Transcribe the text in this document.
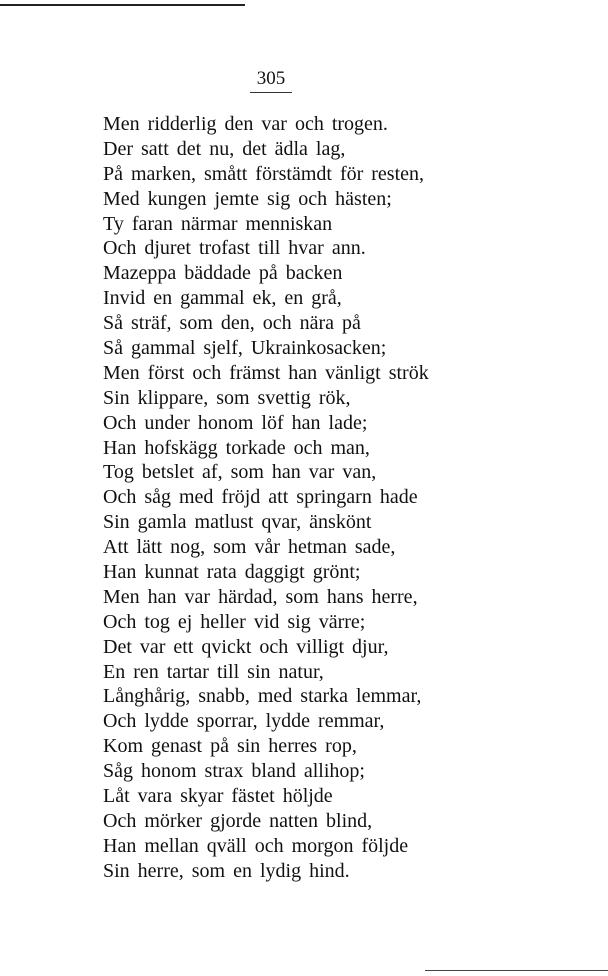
305
Men ridderlig den var och trogen.
Der satt det nu, det ädla lag,
På marken, smått förstämdt för resten,
Med kungen jemte sig och hästen;
Ty faran närmar menniskan
Och djuret trofast till hvar ann.
Mazeppa bäddade på backen
Invid en gammal ek, en grå,
Så sträf, som den, och nära på
Så gammal sjelf, Ukrainkosacken;
Men först och främst han vänligt strök
Sin klippare, som svettig rök,
Och under honom löf han lade;
Han hofskägg torkade och man,
Tog betslet af, som han var van,
Och såg med fröjd att springarn hade
Sin gamla matlust qvar, änskönt
Att lätt nog, som vår hetman sade,
Han kunnat rata daggigt grönt;
Men han var härdad, som hans herre,
Och tog ej heller vid sig värre;
Det var ett qvickt och villigt djur,
En ren tartar till sin natur,
Långhårig, snabb, med starka lemmar,
Och lydde sporrar, lydde remmar,
Kom genast på sin herres rop,
Såg honom strax bland allihop;
Låt vara skyar fästet höljde
Och mörker gjorde natten blind,
Han mellan qväll och morgon följde
Sin herre, som en lydig hind.
